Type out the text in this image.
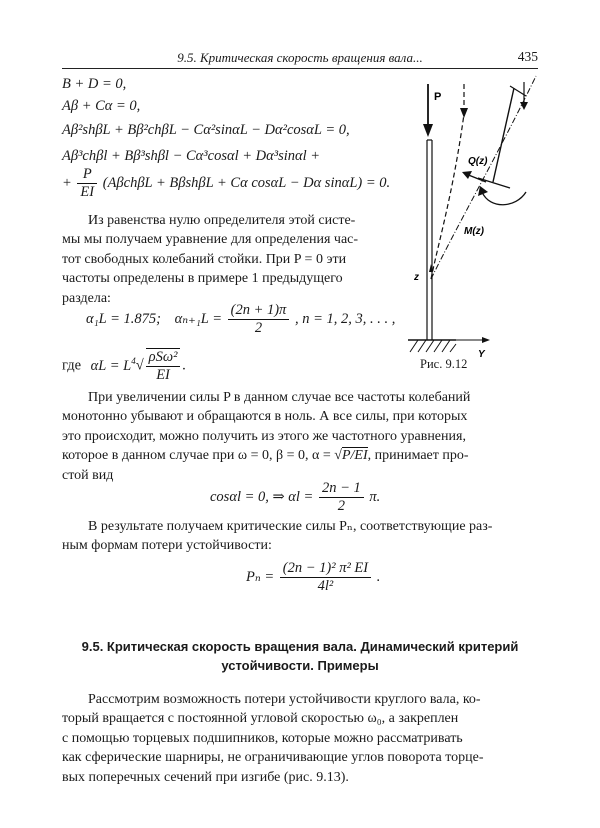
9.5. Критическая скорость вращения вала...	435
B + D = 0,
Aβ + Cα = 0,
Aβ²shβL + Bβ²chβL − Cα²sinαL − Dα²cosαL = 0,
Aβ³chβl + Bβ³shβl − Cα³cosαl + Dα³sinαl +
+ $\frac{P}{EI} (A\beta ch\beta L + B\beta sh\beta L + C\alpha$ cosαL − Dα sinαL) = 0.
Из равенства нулю определителя этой систе-
мы мы получаем уравнение для определения час-
тот свободных колебаний стойки. При P = 0 эти
частоты определены в примере 1 предыдущего
раздела:
α₁L = 1.875; $\alpha_{n+1}L = \frac{(2n + 1)\pi}{2}$ , n = 1, 2, 3, . . . ,
где $\alpha L = L^4√ \frac{\text{ρSω²}}{EI}$ .
P
Q(z)
M(z)
z
Y
Рис. 9.12
При увеличении силы P в данном случае все частоты колебаний
монотонно убывают и обращаются в ноль. А все силы, при которых
это происходит, можно получить из этого же частотного уравнения,
которое в данном случае при ω = 0, β = 0, α = √P/EI, принимает про-
стой вид
cosαl = 0, ⇒ $\alpha l = \frac{2n - 1}{2} \pi$.
В результате получаем критические силы Pₙ, соответствующие раз-
ным формам потери устойчивости:
$P_n = \frac{\text{(2n − 1)² π² EI}}{\text{4l²}}$ .
9.5. Критическая скорость вращения вала. Динамический критерий
устойчивости. Примеры
Рассмотрим возможность потери устойчивости круглого вала, ко-
торый вращается с постоянной угловой скоростью ω₀, а закреплен
с помощью торцевых подшипников, которые можно рассматривать
как сферические шарниры, не ограничивающие углов поворота торце-
вых поперечных сечений при изгибе (рис. 9.13).
